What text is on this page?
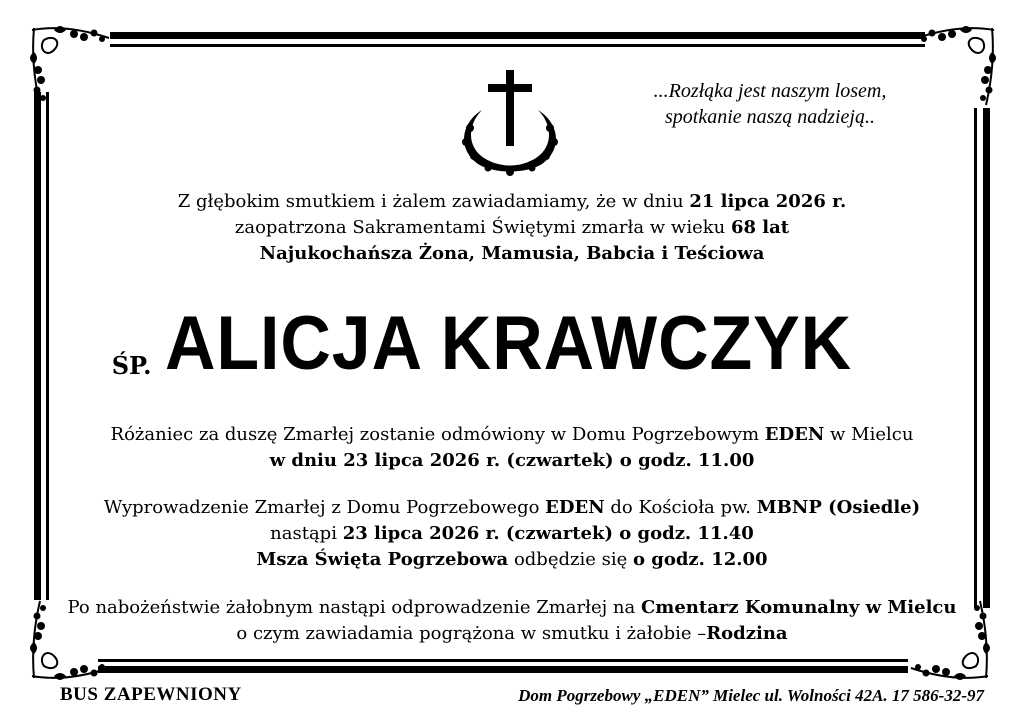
...Rozłąka jest naszym losem,
spotkanie naszą nadzieją..
Z głębokim smutkiem i żalem zawiadamiamy, że w dniu 21 lipca 2026 r.
zaopatrzona Sakramentami Świętymi zmarła w wieku 68 lat
Najukochańsza Żona, Mamusia, Babcia i Teściowa
ŚP. ALICJA KRAWCZYK
Różaniec za duszę Zmarłej zostanie odmówiony w Domu Pogrzebowym EDEN w Mielcu
w dniu 23 lipca 2026 r. (czwartek) o godz. 11.00
Wyprowadzenie Zmarłej z Domu Pogrzebowego EDEN do Kościoła pw. MBNP (Osiedle)
nastąpi 23 lipca 2026 r. (czwartek) o godz. 11.40
Msza Święta Pogrzebowa odbędzie się o godz. 12.00
Po nabożeństwie żałobnym nastąpi odprowadzenie Zmarłej na Cmentarz Komunalny w Mielcu
o czym zawiadamia pogrążona w smutku i żałobie –Rodzina
BUS ZAPEWNIONY	Dom Pogrzebowy „EDEN” Mielec ul. Wolności 42A. 17 586-32-97
